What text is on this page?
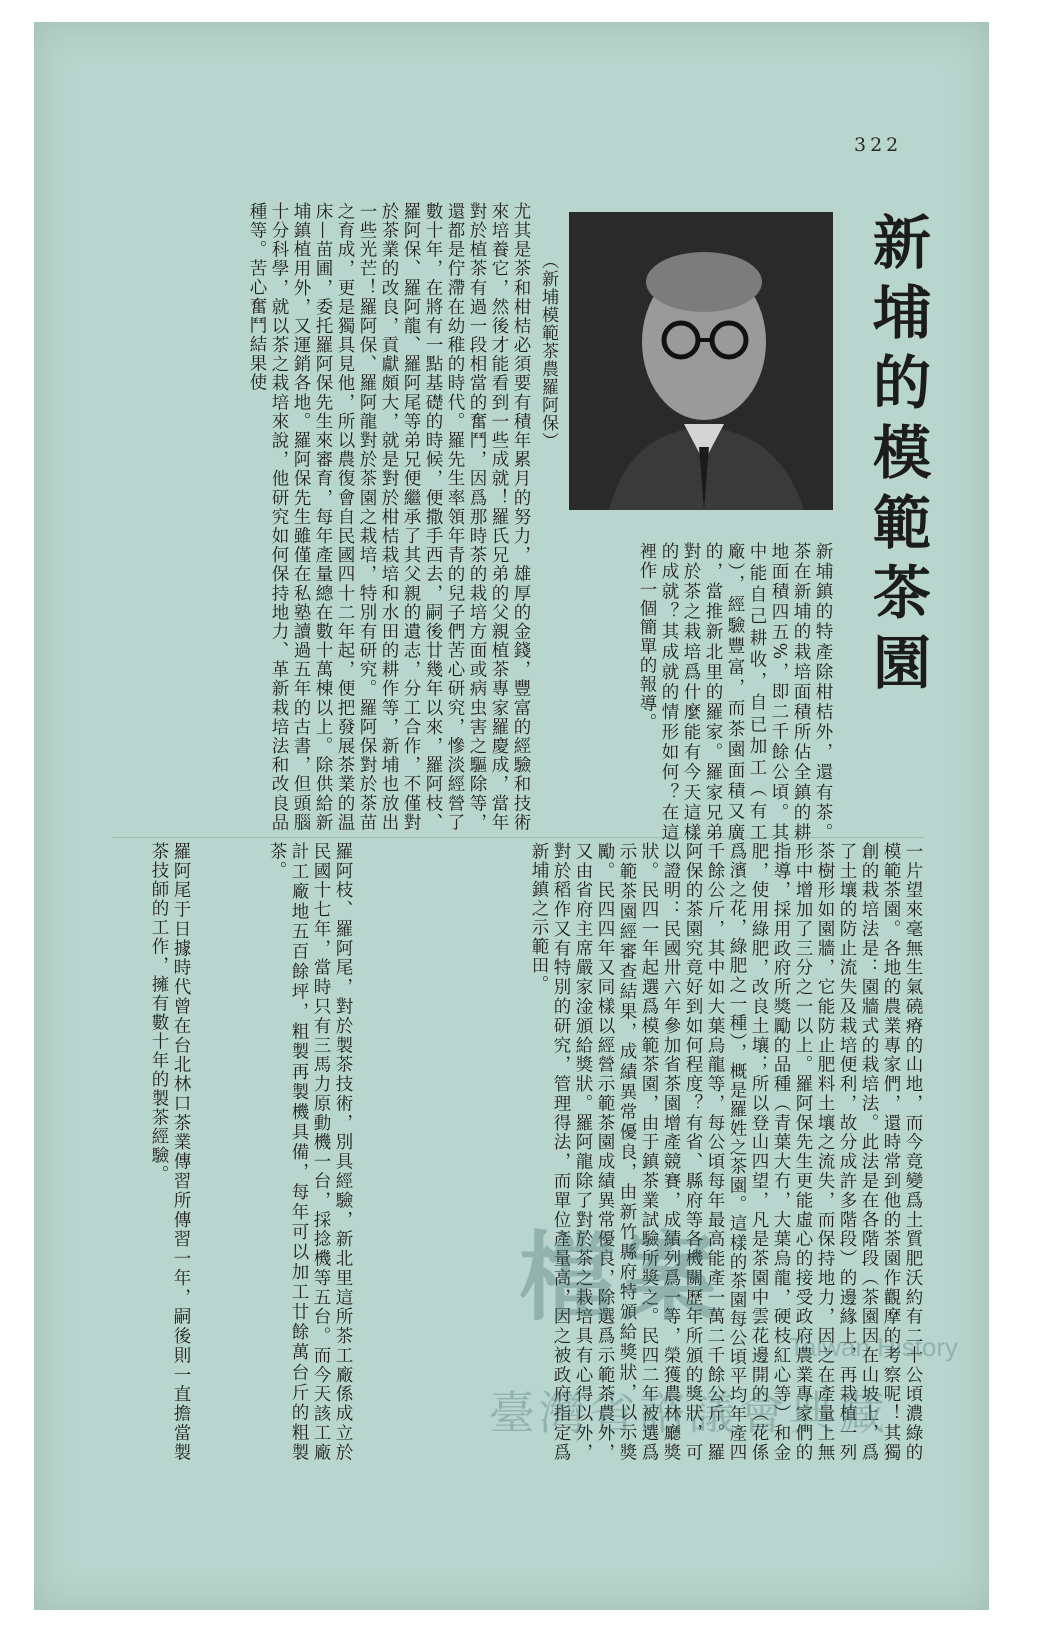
322
新埔的模範茶園
（新埔模範茶農羅阿保）
新埔鎮的特產除柑桔外，還有茶。茶在新埔的栽培面積所佔全鎮的耕地面積四五%，即二千餘公頃。其中能自己耕收，自已加工（有工廠），經驗豐富，而茶園面積又廣的，當推新北里的羅家。羅家兄弟對於茶之栽培爲什麼能有今天這樣的成就？其成就的情形如何？在這裡作一個簡單的報導。
尤其是茶和柑桔必須要有積年累月的努力，雄厚的金錢，豐富的經驗和技術來培養它，然後才能看到一些成就！羅氏兄弟的父親植茶專家羅慶成，當年對於植茶有過一段相當的奮鬥，因爲那時茶的栽培方面或病虫害之驅除等，還都是佇滯在幼稚的時代。羅先生率領年青的兒子們苦心研究，慘淡經營了數十年，在將有一點基礎的時候，便撒手西去，嗣後廿幾年以來，羅阿枝、羅阿保、羅阿龍、羅阿尾等弟兄便繼承了其父親的遺志，分工合作，不僅對於茶業的改良，貢獻頗大，就是對於柑桔栽培和水田的耕作等，新埔也放出一些光芒！羅阿保、羅阿龍對於茶園之栽培，特別有研究。羅阿保對於茶苗之育成，更是獨具見他，所以農復會自民國四十二年起，便把發展茶業的温床—苗圃，委托羅阿保先生來審育，每年產量總在數十萬棟以上。除供給新埔鎮植用外，又運銷各地。羅阿保先生雖僅在私塾讀過五年的古書，但頭腦十分科學，就以茶之栽培來說，他研究如何保持地力、革新栽培法和改良品種等。苦心奮鬥結果使
一片望來毫無生氣磽瘠的山地，而今竟變爲土質肥沃約有二十公頃濃綠的模範茶園。各地的農業專家們，還時常到他的茶園作觀摩的考察呢！其獨創的栽培法是：園牆式的栽培法。此法是在各階段（茶園因在山坡上，爲了土壤的防止流失及栽培便利，故分成許多階段）的邊緣上，再栽植一列茶樹形如園牆，它能防止肥料土壤之流失，而保持地力，因之在產量上無形中增加了三分之一以上。羅阿保先生更能虛心的接受政府農業專家們的指導，採用政府所獎勵的品種（青葉大冇，大葉烏龍，硬枝紅心等）和金肥，使用綠肥，改良土壤；所以登山四望，凡是茶園中雲花邊開的（花係爲濱之花，綠肥之一種），概是羅姓之茶園。這樣的茶園每公頃平均年產四千餘公斤，其中如大葉烏龍等，每公頃每年最高能產一萬二千餘公斤。羅阿保的茶園究竟好到如何程度？有省、縣府等各機關歷年所頒的獎狀，可以證明：民國卅六年參加省茶園增產競賽，成績列爲一等，榮獲農林廳獎狀。民四一年起選爲模範茶園，由于鎮茶業試驗所獎之。民四二年被選爲示範茶園經審查結果，成績異常優良，由新竹縣府特頒給獎狀，以示獎勵。民四四年又同樣以經營示範茶園成績異常優良，除選爲示範茶農外，又由省府主席嚴家淦頒給獎狀。羅阿龍除了對於茶之栽培具有心得以外，對於稻作又有特別的研究，管理得法，而單位產量高，因之被政府指定爲新埔鎮之示範田。
羅阿枝、羅阿尾，對於製茶技術，別具經驗，新北里這所茶工廠係成立於民國十七年，當時只有三馬力原動機一台，採捻機等五台。而今天該工廠計工廠地五百餘坪，粗製再製機具備，每年可以加工廿餘萬台斤的粗製茶。
羅阿尾于日據時代曾在台北林口茶業傳習所傳習一年，嗣後則一直擔當製茶技師的工作，擁有數十年的製茶經驗。
檔案
Taiwan History
臺灣省諮議會典藏
